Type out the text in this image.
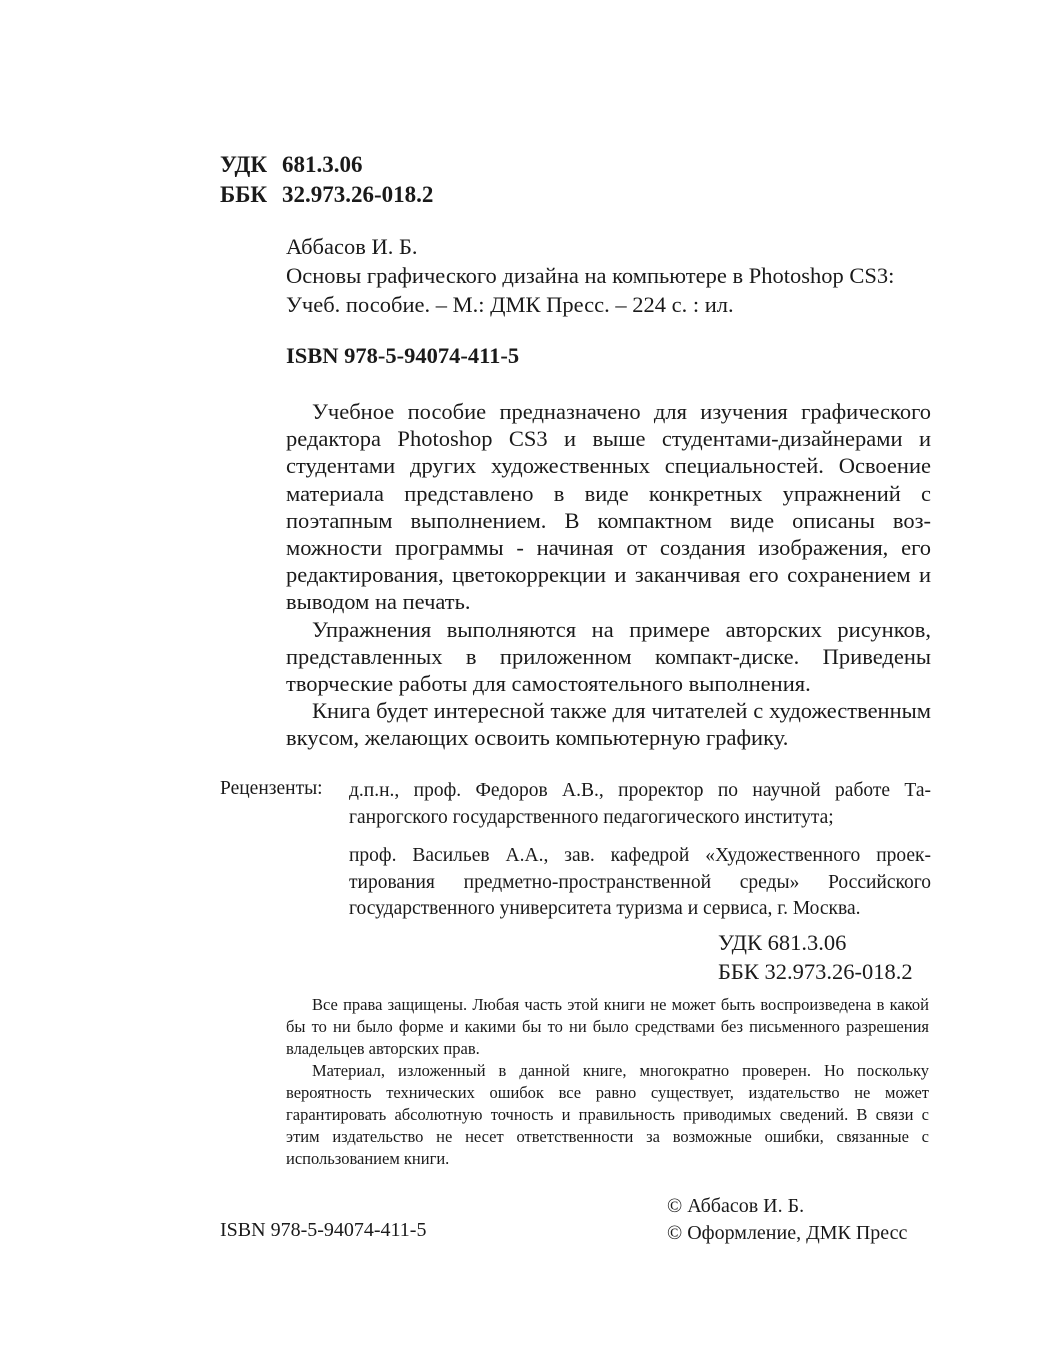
УДК 681.3.06
ББК 32.973.26-018.2
Аббасов И. Б.
Основы графического дизайна на компьютере в Photoshop CS3:
Учеб. пособие. – М.: ДМК Пресс. – 224 с. : ил.
ISBN 978-5-94074-411-5

Учебное пособие предназначено для изучения графического редактора Photoshop CS3 и выше студентами-дизайнерами и студентами других художественных специальностей. Освоение материала представлено в виде конкретных упражнений с поэтапным выполнением. В компактном виде описаны возможности программы - начиная от создания изображения, его редактирования, цветокоррекции и заканчивая его сохранением и выводом на печать.

Упражнения выполняются на примере авторских рисунков, представленных в приложенном компакт-диске. Приведены творческие работы для самостоятельного выполнения.

Книга будет интересной также для читателей с художественным вкусом, желающих освоить компьютерную графику.

Рецензенты: д.п.н., проф. Федоров А.В., проректор по научной работе Таганрогского государственного педагогического института;

проф. Васильев А.А., зав. кафедрой «Художественного проектирования предметно-пространственной среды» Российского государственного университета туризма и сервиса, г. Москва.

УДК 681.3.06
ББК 32.973.26-018.2

Все права защищены. Любая часть этой книги не может быть воспроизведена в какой бы то ни было форме и какими бы то ни было средствами без письменного разрешения владельцев авторских прав.

Материал, изложенный в данной книге, многократно проверен. Но поскольку вероятность технических ошибок все равно существует, издательство не может гарантировать абсолютную точность и правильность приводимых сведений. В связи с этим издательство не несет ответственности за возможные ошибки, связанные с использованием книги.

ISBN 978-5-94074-411-5
© Аббасов И. Б.
© Оформление, ДМК Пресс
